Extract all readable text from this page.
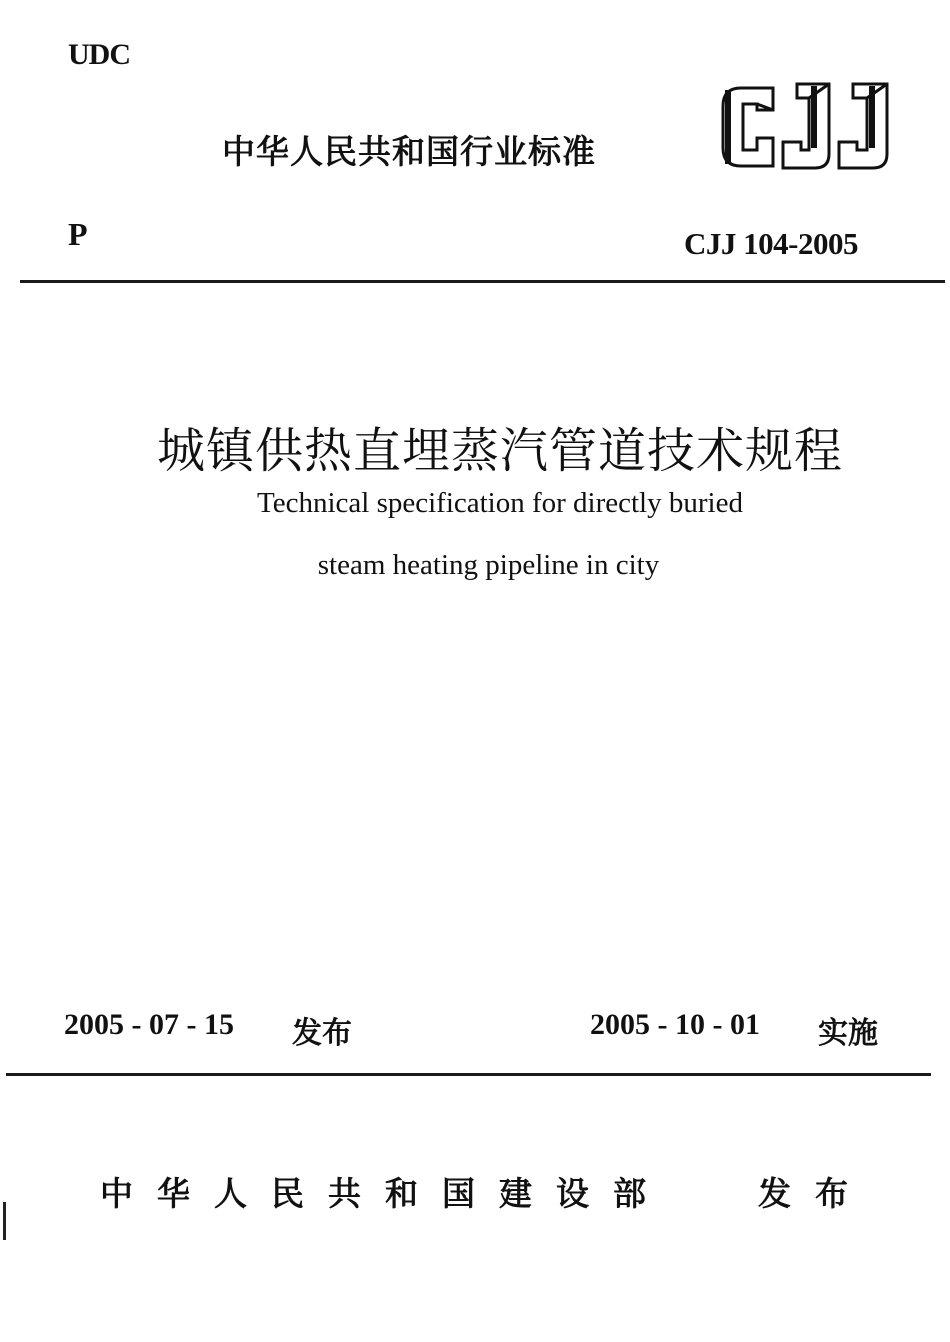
UDC
中华人民共和国行业标准
P	CJJ 104-2005
城镇供热直埋蒸汽管道技术规程
Technical specification for directly buried
steam heating pipeline in city
2005 - 07 - 15 发布	2005 - 10 - 01 实施
中华人民共和国建设部	发布
